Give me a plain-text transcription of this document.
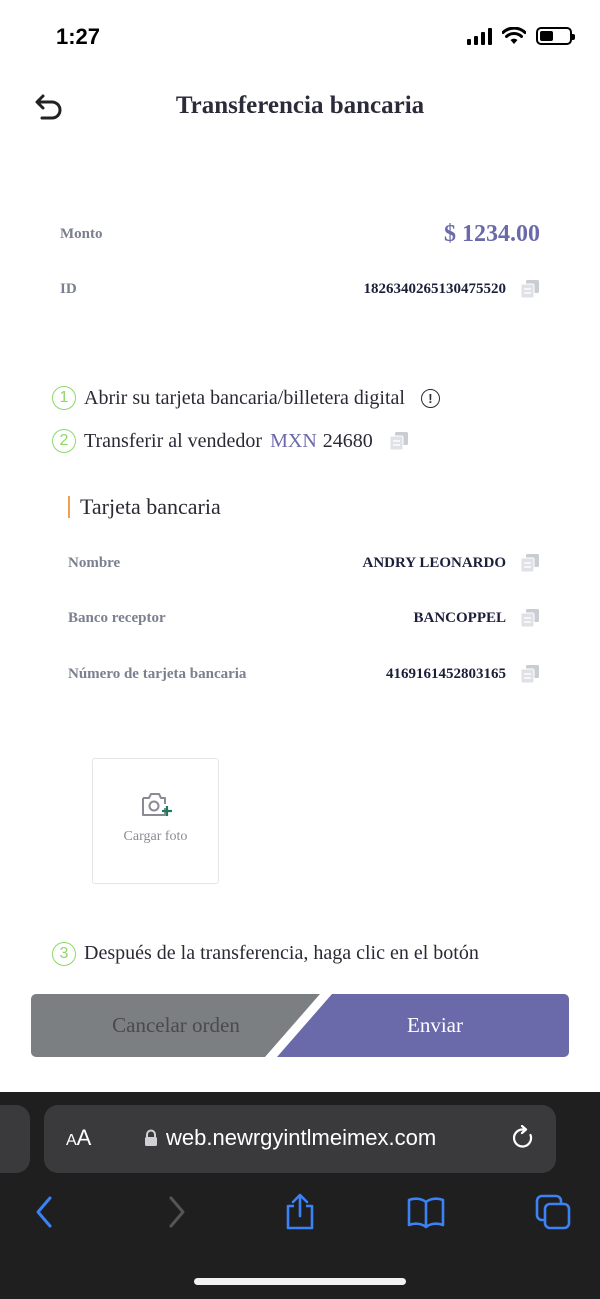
1:27
Transferencia bancaria
Monto	$ 1234.00
ID	1826340265130475520
1 Abrir su tarjeta bancaria/billetera digital	!
2 Transferir al vendedor MXN 24680
Tarjeta bancaria
Nombre	ANDRY LEONARDO
Banco receptor	BANCOPPEL
Número de tarjeta bancaria	4169161452803165
Cargar foto
3 Después de la transferencia, haga clic en el botón
Cancelar orden	Enviar
AA	web.newrgyintlmeimex.com
